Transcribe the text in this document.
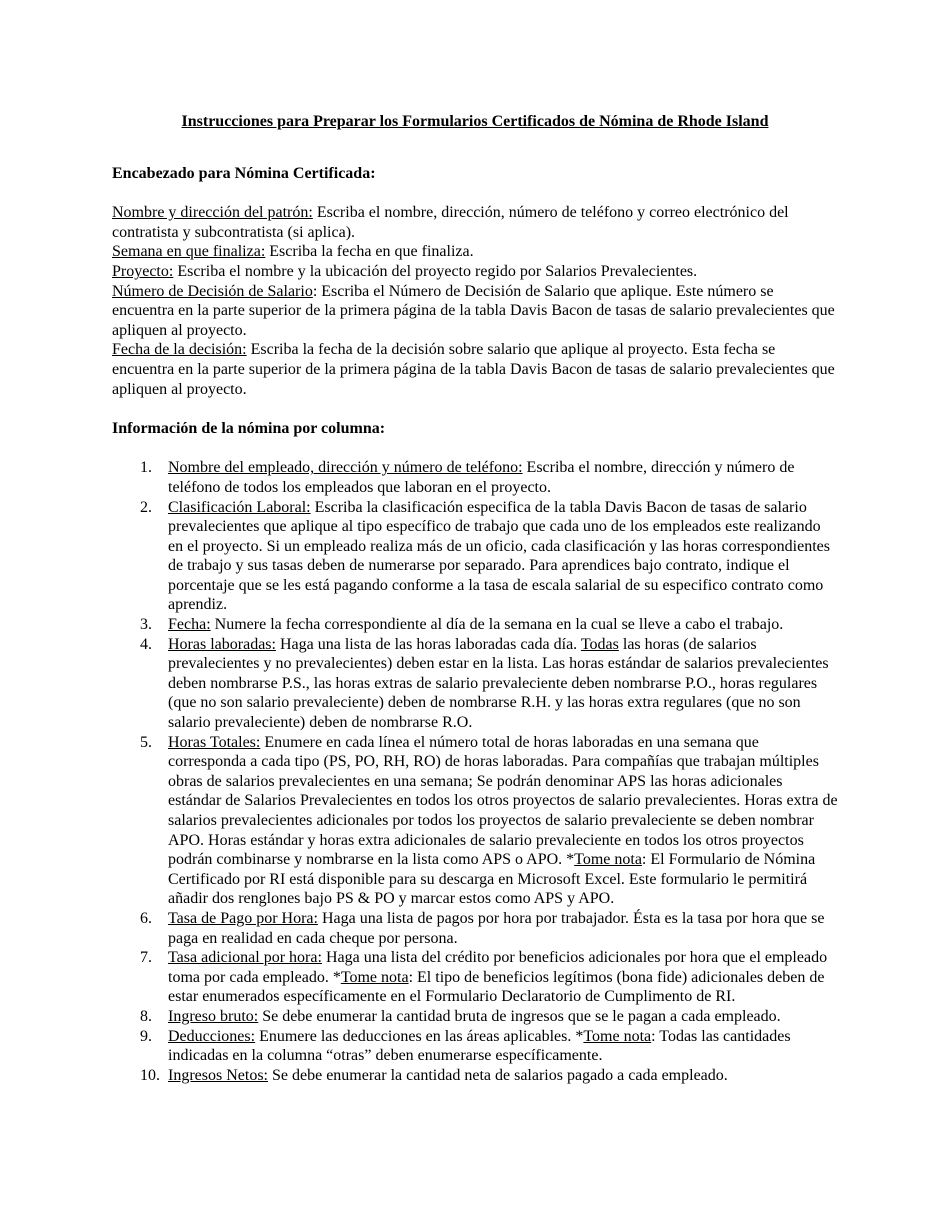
Instrucciones para Preparar los Formularios Certificados de Nómina de Rhode Island
Encabezado para Nómina Certificada:

Nombre y dirección del patrón: Escriba el nombre, dirección, número de teléfono y correo electrónico del contratista y subcontratista (si aplica).

Semana en que finaliza: Escriba la fecha en que finaliza.

Proyecto: Escriba el nombre y la ubicación del proyecto regido por Salarios Prevalecientes.

Número de Decisión de Salario: Escriba el Número de Decisión de Salario que aplique. Este número se encuentra en la parte superior de la primera página de la tabla Davis Bacon de tasas de salario prevalecientes que apliquen al proyecto.

Fecha de la decisión: Escriba la fecha de la decisión sobre salario que aplique al proyecto. Esta fecha se encuentra en la parte superior de la primera página de la tabla Davis Bacon de tasas de salario prevalecientes que apliquen al proyecto.

Información de la nómina por columna:
1. Nombre del empleado, dirección y número de teléfono: Escriba el nombre, dirección y número de teléfono de todos los empleados que laboran en el proyecto.
2. Clasificación Laboral: Escriba la clasificación especifica de la tabla Davis Bacon de tasas de salario prevalecientes que aplique al tipo específico de trabajo que cada uno de los empleados este realizando en el proyecto. Si un empleado realiza más de un oficio, cada clasificación y las horas correspondientes de trabajo y sus tasas deben de numerarse por separado. Para aprendices bajo contrato, indique el porcentaje que se les está pagando conforme a la tasa de escala salarial de su especifico contrato como aprendiz.
3. Fecha: Numere la fecha correspondiente al día de la semana en la cual se lleve a cabo el trabajo.
4. Horas laboradas: Haga una lista de las horas laboradas cada día. Todas las horas (de salarios prevalecientes y no prevalecientes) deben estar en la lista. Las horas estándar de salarios prevalecientes deben nombrarse P.S., las horas extras de salario prevaleciente deben nombrarse P.O., horas regulares (que no son salario prevaleciente) deben de nombrarse R.H. y las horas extra regulares (que no son salario prevaleciente) deben de nombrarse R.O.
5. Horas Totales: Enumere en cada línea el número total de horas laboradas en una semana que corresponda a cada tipo (PS, PO, RH, RO) de horas laboradas. Para compañías que trabajan múltiples obras de salarios prevalecientes en una semana; Se podrán denominar APS las horas adicionales estándar de Salarios Prevalecientes en todos los otros proyectos de salario prevalecientes. Horas extra de salarios prevalecientes adicionales por todos los proyectos de salario prevaleciente se deben nombrar APO. Horas estándar y horas extra adicionales de salario prevaleciente en todos los otros proyectos podrán combinarse y nombrarse en la lista como APS o APO. *Tome nota: El Formulario de Nómina Certificado por RI está disponible para su descarga en Microsoft Excel. Este formulario le permitirá añadir dos renglones bajo PS & PO y marcar estos como APS y APO.
6. Tasa de Pago por Hora: Haga una lista de pagos por hora por trabajador. Ésta es la tasa por hora que se paga en realidad en cada cheque por persona.
7. Tasa adicional por hora: Haga una lista del crédito por beneficios adicionales por hora que el empleado toma por cada empleado. *Tome nota: El tipo de beneficios legítimos (bona fide) adicionales deben de estar enumerados específicamente en el Formulario Declaratorio de Cumplimento de RI.
8. Ingreso bruto: Se debe enumerar la cantidad bruta de ingresos que se le pagan a cada empleado.
9. Deducciones: Enumere las deducciones en las áreas aplicables. *Tome nota: Todas las cantidades indicadas en la columna “otras” deben enumerarse específicamente.
10. Ingresos Netos: Se debe enumerar la cantidad neta de salarios pagado a cada empleado.
